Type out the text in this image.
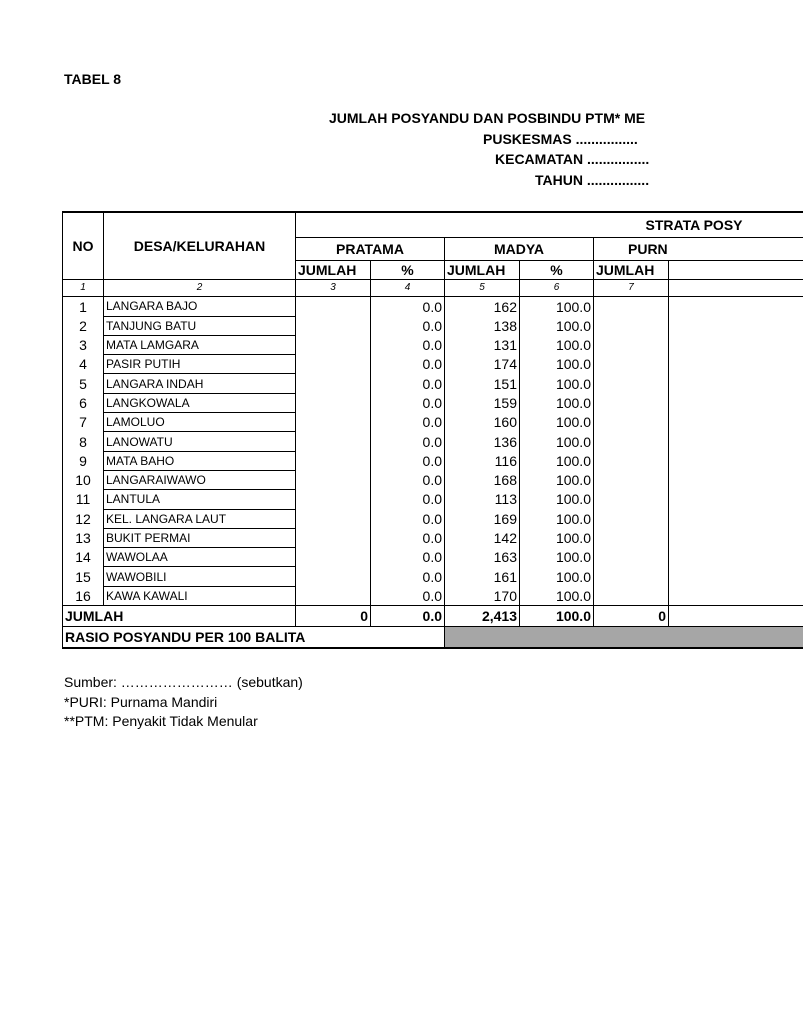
TABEL 8
JUMLAH POSYANDU DAN POSBINDU PTM* ME
PUSKESMAS ................
KECAMATAN ................
TAHUN ................
NO	DESA/KELURAHAN	STRATA POSY					
		PRATAMA		MADYA		PURN	
		JUMLAH	%	JUMLAH	%	JUMLAH	
1	2	3	4	5	6	7	
1	LANGARA BAJO		0.0	162	100.0		
2	TANJUNG BATU		0.0	138	100.0		
3	MATA LAMGARA		0.0	131	100.0		
4	PASIR PUTIH		0.0	174	100.0		
5	LANGARA INDAH		0.0	151	100.0		
6	LANGKOWALA		0.0	159	100.0		
7	LAMOLUO		0.0	160	100.0		
8	LANOWATU		0.0	136	100.0		
9	MATA BAHO		0.0	116	100.0		
10	LANGARAIWAWO		0.0	168	100.0		
11	LANTULA		0.0	113	100.0		
12	KEL. LANGARA LAUT		0.0	169	100.0		
13	BUKIT PERMAI		0.0	142	100.0		
14	WAWOLAA		0.0	163	100.0		
15	WAWOBILI		0.0	161	100.0		
16	KAWA KAWALI		0.0	170	100.0		
JUMLAH		0	0.0	2,413	100.0	0	
RASIO POSYANDU PER 100 BALITA							
Sumber: …………………… (sebutkan)
*PURI: Purnama Mandiri
**PTM: Penyakit Tidak Menular
